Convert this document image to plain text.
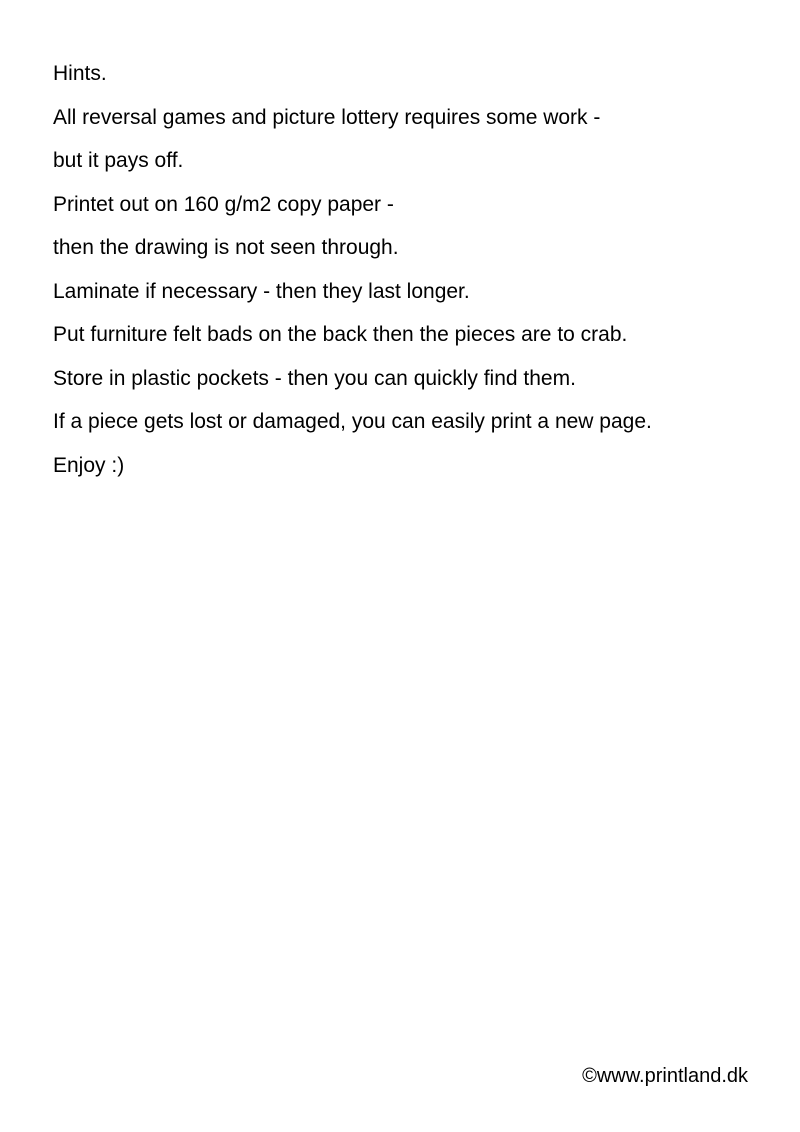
Hints.
All reversal games and picture lottery requires some work -
but it pays off.
Printet out on 160 g/m2 copy paper -
then the drawing is not seen through.
Laminate if necessary - then they last longer.
Put furniture felt bads on the back then the pieces are to crab.
Store in plastic pockets - then you can quickly find them.
If a piece gets lost or damaged, you can easily print a new page.
Enjoy :)
©www.printland.dk
